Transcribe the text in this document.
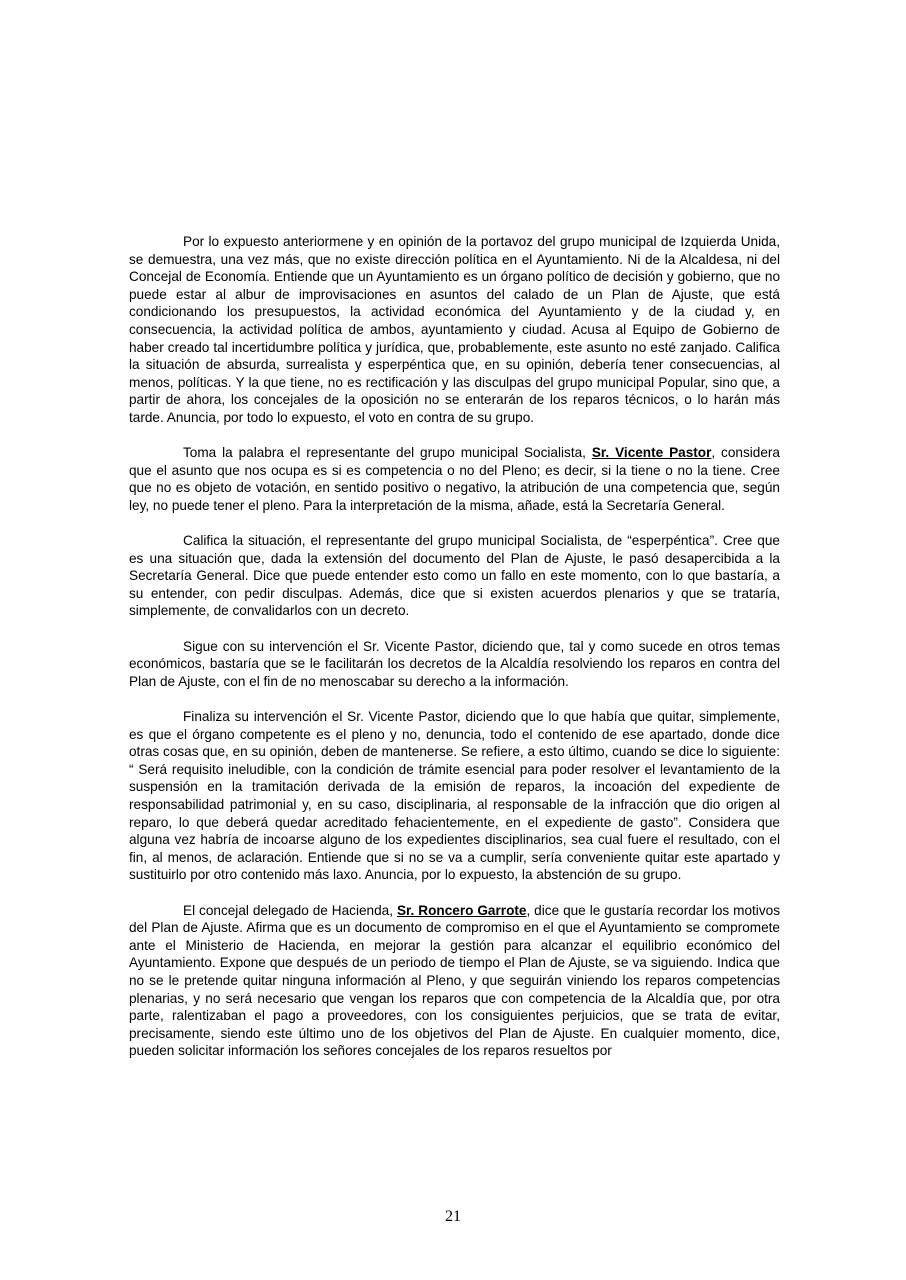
Por lo expuesto anteriormene y en opinión de la portavoz del grupo municipal de Izquierda Unida, se demuestra, una vez más, que no existe dirección política en el Ayuntamiento. Ni de la Alcaldesa, ni del Concejal de Economía. Entiende que un Ayuntamiento es un órgano político de decisión y gobierno, que no puede estar al albur de improvisaciones en asuntos del calado de un Plan de Ajuste, que está condicionando los presupuestos, la actividad económica del Ayuntamiento y de la ciudad y, en consecuencia, la actividad política de ambos, ayuntamiento y ciudad. Acusa al Equipo de Gobierno de haber creado tal incertidumbre política y jurídica, que, probablemente, este asunto no esté zanjado. Califica la situación de absurda, surrealista y esperpéntica que, en su opinión, debería tener consecuencias, al menos, políticas. Y la que tiene, no es rectificación y las disculpas del grupo municipal Popular, sino que, a partir de ahora, los concejales de la oposición no se enterarán de los reparos técnicos, o lo harán más tarde. Anuncia, por todo lo expuesto, el voto en contra de su grupo.

Toma la palabra el representante del grupo municipal Socialista, Sr. Vicente Pastor, considera que el asunto que nos ocupa es si es competencia o no del Pleno; es decir, si la tiene o no la tiene. Cree que no es objeto de votación, en sentido positivo o negativo, la atribución de una competencia que, según ley, no puede tener el pleno. Para la interpretación de la misma, añade, está la Secretaría General.

Califica la situación, el representante del grupo municipal Socialista, de “esperpéntica”. Cree que es una situación que, dada la extensión del documento del Plan de Ajuste, le pasó desapercibida a la Secretaría General. Dice que puede entender esto como un fallo en este momento, con lo que bastaría, a su entender, con pedir disculpas. Además, dice que si existen acuerdos plenarios y que se trataría, simplemente, de convalidarlos con un decreto.

Sigue con su intervención el Sr. Vicente Pastor, diciendo que, tal y como sucede en otros temas económicos, bastaría que se le facilitarán los decretos de la Alcaldía resolviendo los reparos en contra del Plan de Ajuste, con el fin de no menoscabar su derecho a la información.

Finaliza su intervención el Sr. Vicente Pastor, diciendo que lo que había que quitar, simplemente, es que el órgano competente es el pleno y no, denuncia, todo el contenido de ese apartado, donde dice otras cosas que, en su opinión, deben de mantenerse. Se refiere, a esto último, cuando se dice lo siguiente: “ Será requisito ineludible, con la condición de trámite esencial para poder resolver el levantamiento de la suspensión en la tramitación derivada de la emisión de reparos, la incoación del expediente de responsabilidad patrimonial y, en su caso, disciplinaria, al responsable de la infracción que dio origen al reparo, lo que deberá quedar acreditado fehacientemente, en el expediente de gasto”. Considera que alguna vez habría de incoarse alguno de los expedientes disciplinarios, sea cual fuere el resultado, con el fin, al menos, de aclaración. Entiende que si no se va a cumplir, sería conveniente quitar este apartado y sustituirlo por otro contenido más laxo. Anuncia, por lo expuesto, la abstención de su grupo.

El concejal delegado de Hacienda, Sr. Roncero Garrote, dice que le gustaría recordar los motivos del Plan de Ajuste. Afirma que es un documento de compromiso en el que el Ayuntamiento se compromete ante el Ministerio de Hacienda, en mejorar la gestión para alcanzar el equilibrio económico del Ayuntamiento. Expone que después de un periodo de tiempo el Plan de Ajuste, se va siguiendo. Indica que no se le pretende quitar ninguna información al Pleno, y que seguirán viniendo los reparos competencias plenarias, y no será necesario que vengan los reparos que con competencia de la Alcaldía que, por otra parte, ralentizaban el pago a proveedores, con los consiguientes perjuicios, que se trata de evitar, precisamente, siendo este último uno de los objetivos del Plan de Ajuste. En cualquier momento, dice, pueden solicitar información los señores concejales de los reparos resueltos por

21
